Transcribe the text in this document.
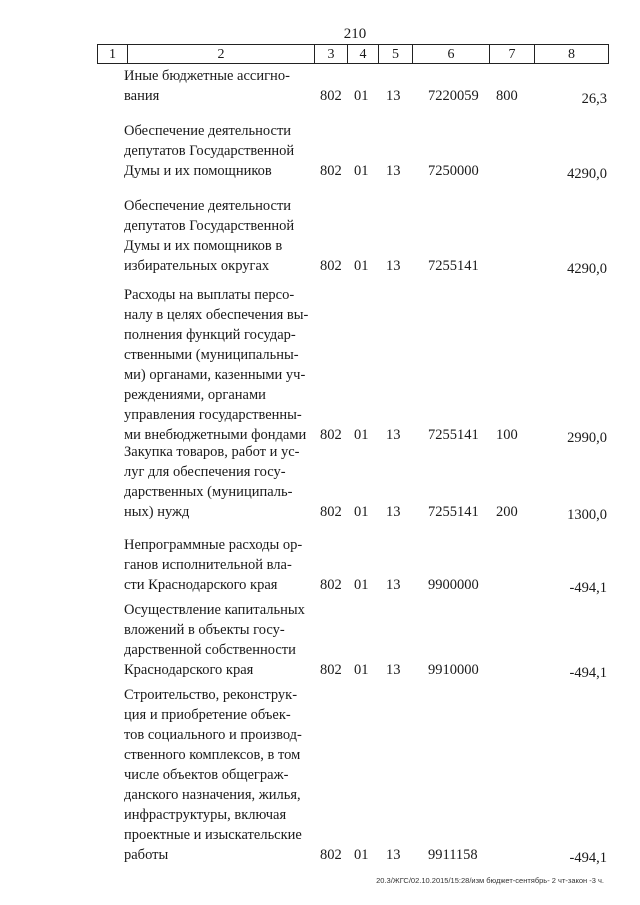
210
1	2	3	4	5	6	7	8
Иные бюджетные ассигно-
вания	802 01 13 7220059 800	26,3
Обеспечение деятельности
депутатов Государственной
Думы и их помощников	802 01 13 7250000	4290,0
Обеспечение деятельности
депутатов Государственной
Думы и их помощников в
избирательных округах	802 01 13 7255141	4290,0
Расходы на выплаты персо-
налу в целях обеспечения вы-
полнения функций государ-
ственными (муниципальны-
ми) органами, казенными уч-
реждениями, органами
управления государственны-
ми внебюджетными фондами 802 01 13 7255141 100	2990,0
Закупка товаров, работ и ус-
луг для обеспечения госу-
дарственных (муниципаль-
ных) нужд	802 01 13 7255141 200	1300,0
Непрограммные расходы ор-
ганов исполнительной вла-
сти Краснодарского края	802 01 13 9900000	-494,1
Осуществление капитальных
вложений в объекты госу-
дарственной собственности
Краснодарского края	802 01 13 9910000	-494,1
Строительство, реконструк-
ция и приобретение объек-
тов социального и производ-
ственного комплексов, в том
числе объектов общеграж-
данского назначения, жилья,
инфраструктуры, включая
проектные и изыскательские
работы	802 01 13 9911158	-494,1
20.3/ЖГС/02.10.2015/15:28/изм бюджет-сентябрь- 2 чт-закон -3 ч.
